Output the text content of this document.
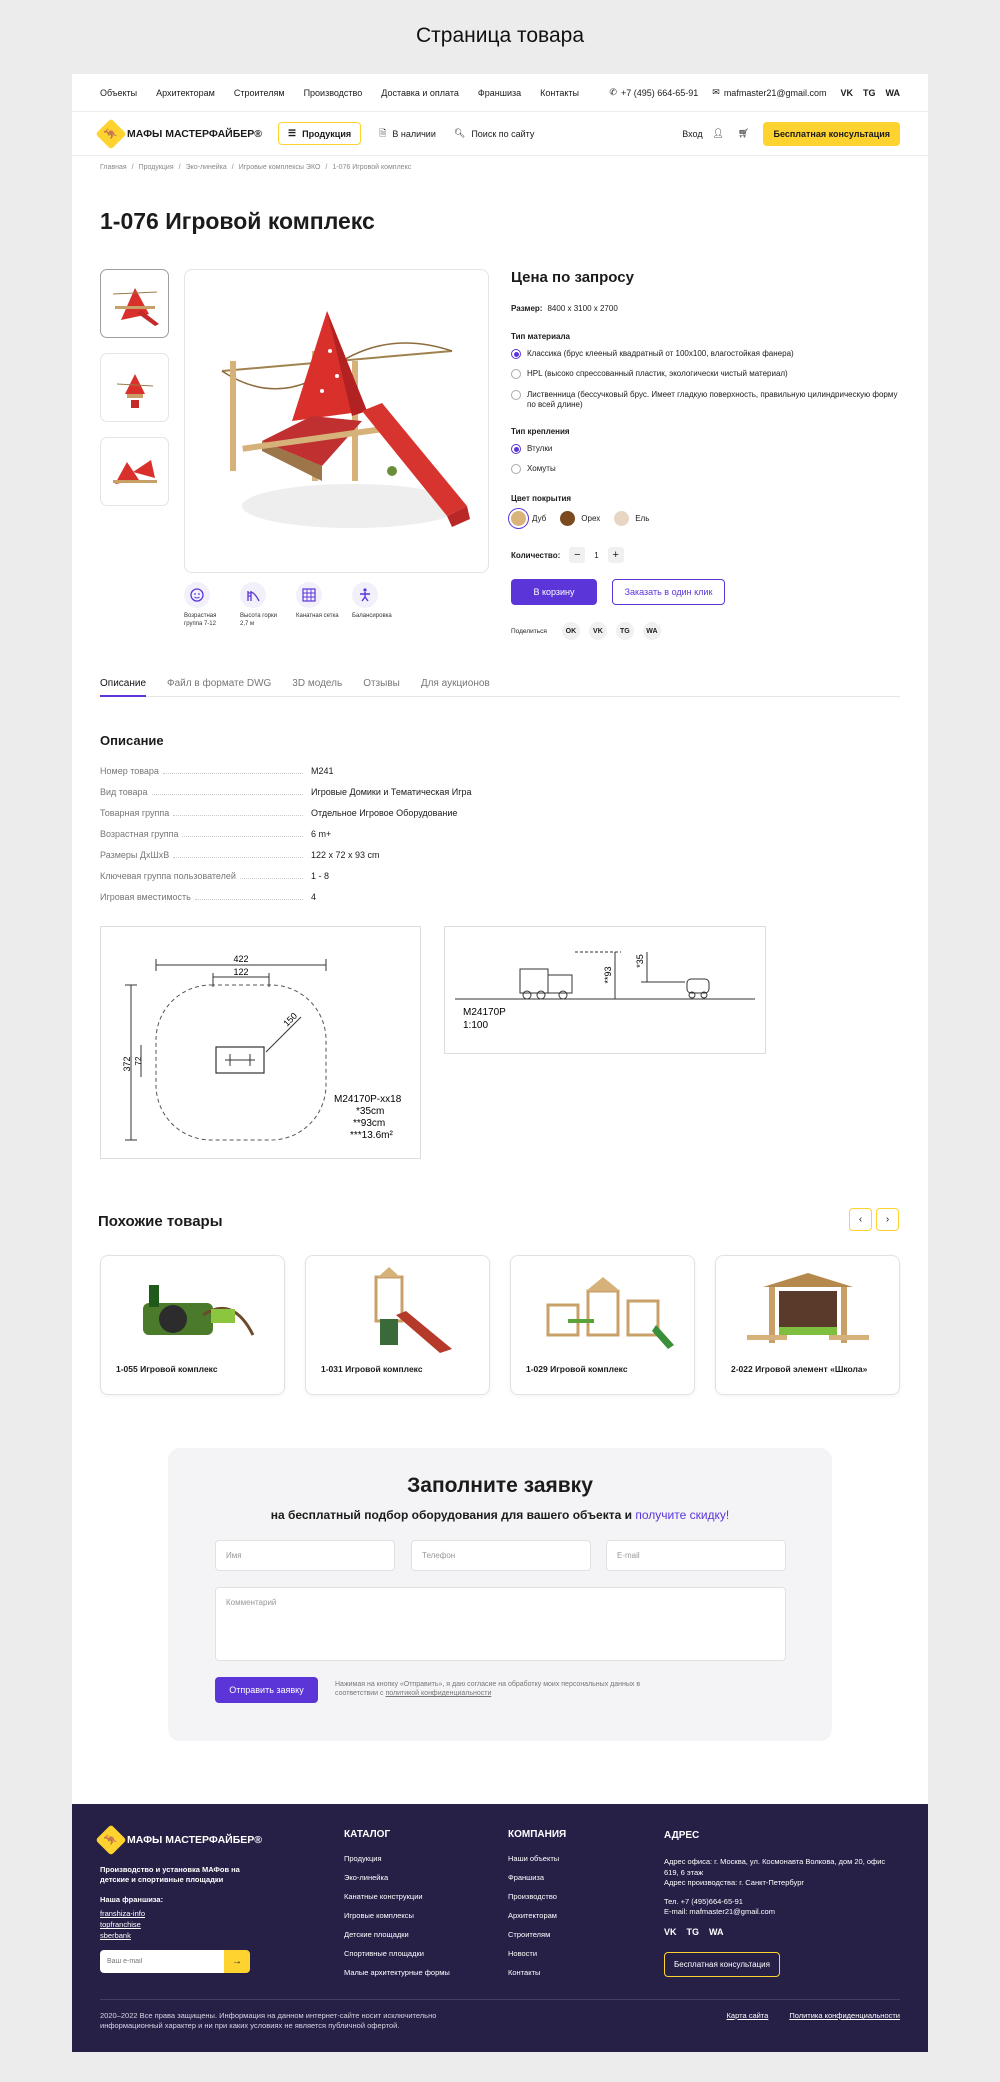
Страница товара
Объекты Архитекторам Строителям Производство Доставка и оплата Франшиза Контакты	✆ +7 (495) 664-65-91 ✉ mafmaster21@gmail.com VK TG WA
🦘 МАФЫ МАСТЕРФАЙБЕР®	☰ Продукция	🗎 В наличии 🔍︎ Поиск по сайту	Вход 👤︎ 🛒︎	Бесплатная консультация
Главная / Продукция / Эко-линейка / Игровые комплексы ЭКО / 1-076 Игровой комплекс
1-076 Игровой комплекс
Возрастная группа 7-12
Высота горки 2,7 м
Канатная сетка Балансировка
Цена по запросу
Размер: 8400 x 3100 x 2700
Тип материала
Классика (брус клееный квадратный от 100х100, влагостойкая фанера)
HPL (высоко спрессованный пластик, экологически чистый материал)
Лиственница (бессучковый брус. Имеет гладкую поверхность, правильную цилиндрическую форму по всей длине)
Тип крепления
Втулки
Хомуты
Цвет покрытия
Дуб	Орех	Ель
Количество:	−	1	+
В корзину	Заказать в один клик
Поделиться	OK	VK	TG	WA
Описание Файл в формате DWG 3D модель Отзывы Для аукционов
Описание
Номер товара	M241
Вид товара	Игровые Домики и Тематическая Игра
Товарная группа	Отдельное Игровое Оборудование
Возрастная группа	6 m+
Размеры ДхШхВ	122 x 72 x 93 cm
Ключевая группа пользователей	1 - 8
Игровая вместимость	4
422
122
372 72
150
M24170P-xx18
*35cm
**93cm
***13.6m²
**93
*35
M24170P
1:100
Похожие товары	‹	›
1-055 Игровой комплекс	1-031 Игровой комплекс	1-029 Игровой комплекс	2-022 Игровой элемент «Школа»
Заполните заявку
на бесплатный подбор оборудования для вашего объекта и получите скидку!
Имя
Телефон
E-mail
Комментарий
Отправить заявку
Нажимая на кнопку «Отправить», я даю согласие на обработку моих персональных данных в соответствии с политикой конфиденциальности
🦘 МАФЫ МАСТЕРФАЙБЕР®
Производство и установка МАФов на детские и спортивные площадки
Наша франшиза:
franshiza-info
topfranchise
sberbank
Ваш e-mail
→
КАТАЛОГ
Продукция
Эко-линейка
Канатные конструкции
Игровые комплексы
Детские площадки
Спортивные площадки
Малые архитектурные формы
КОМПАНИЯ
Наши объекты
Франшиза
Производство
Архитекторам
Строителям
Новости
Контакты
АДРЕС
Адрес офиса: г. Москва, ул. Космонавта Волкова, дом 20, офис 619, 6 этаж
Адрес производства: г. Санкт-Петербург
Тел. +7 (495)664-65-91
E-mail: mafmaster21@gmail.com
VK TG WA
Бесплатная консультация
2020–2022 Все права защищены. Информация на данном интернет-сайте носит исключительно информационный характер и ни при каких условиях не является публичной офертой.
Карта сайта	Политика конфиденциальности
